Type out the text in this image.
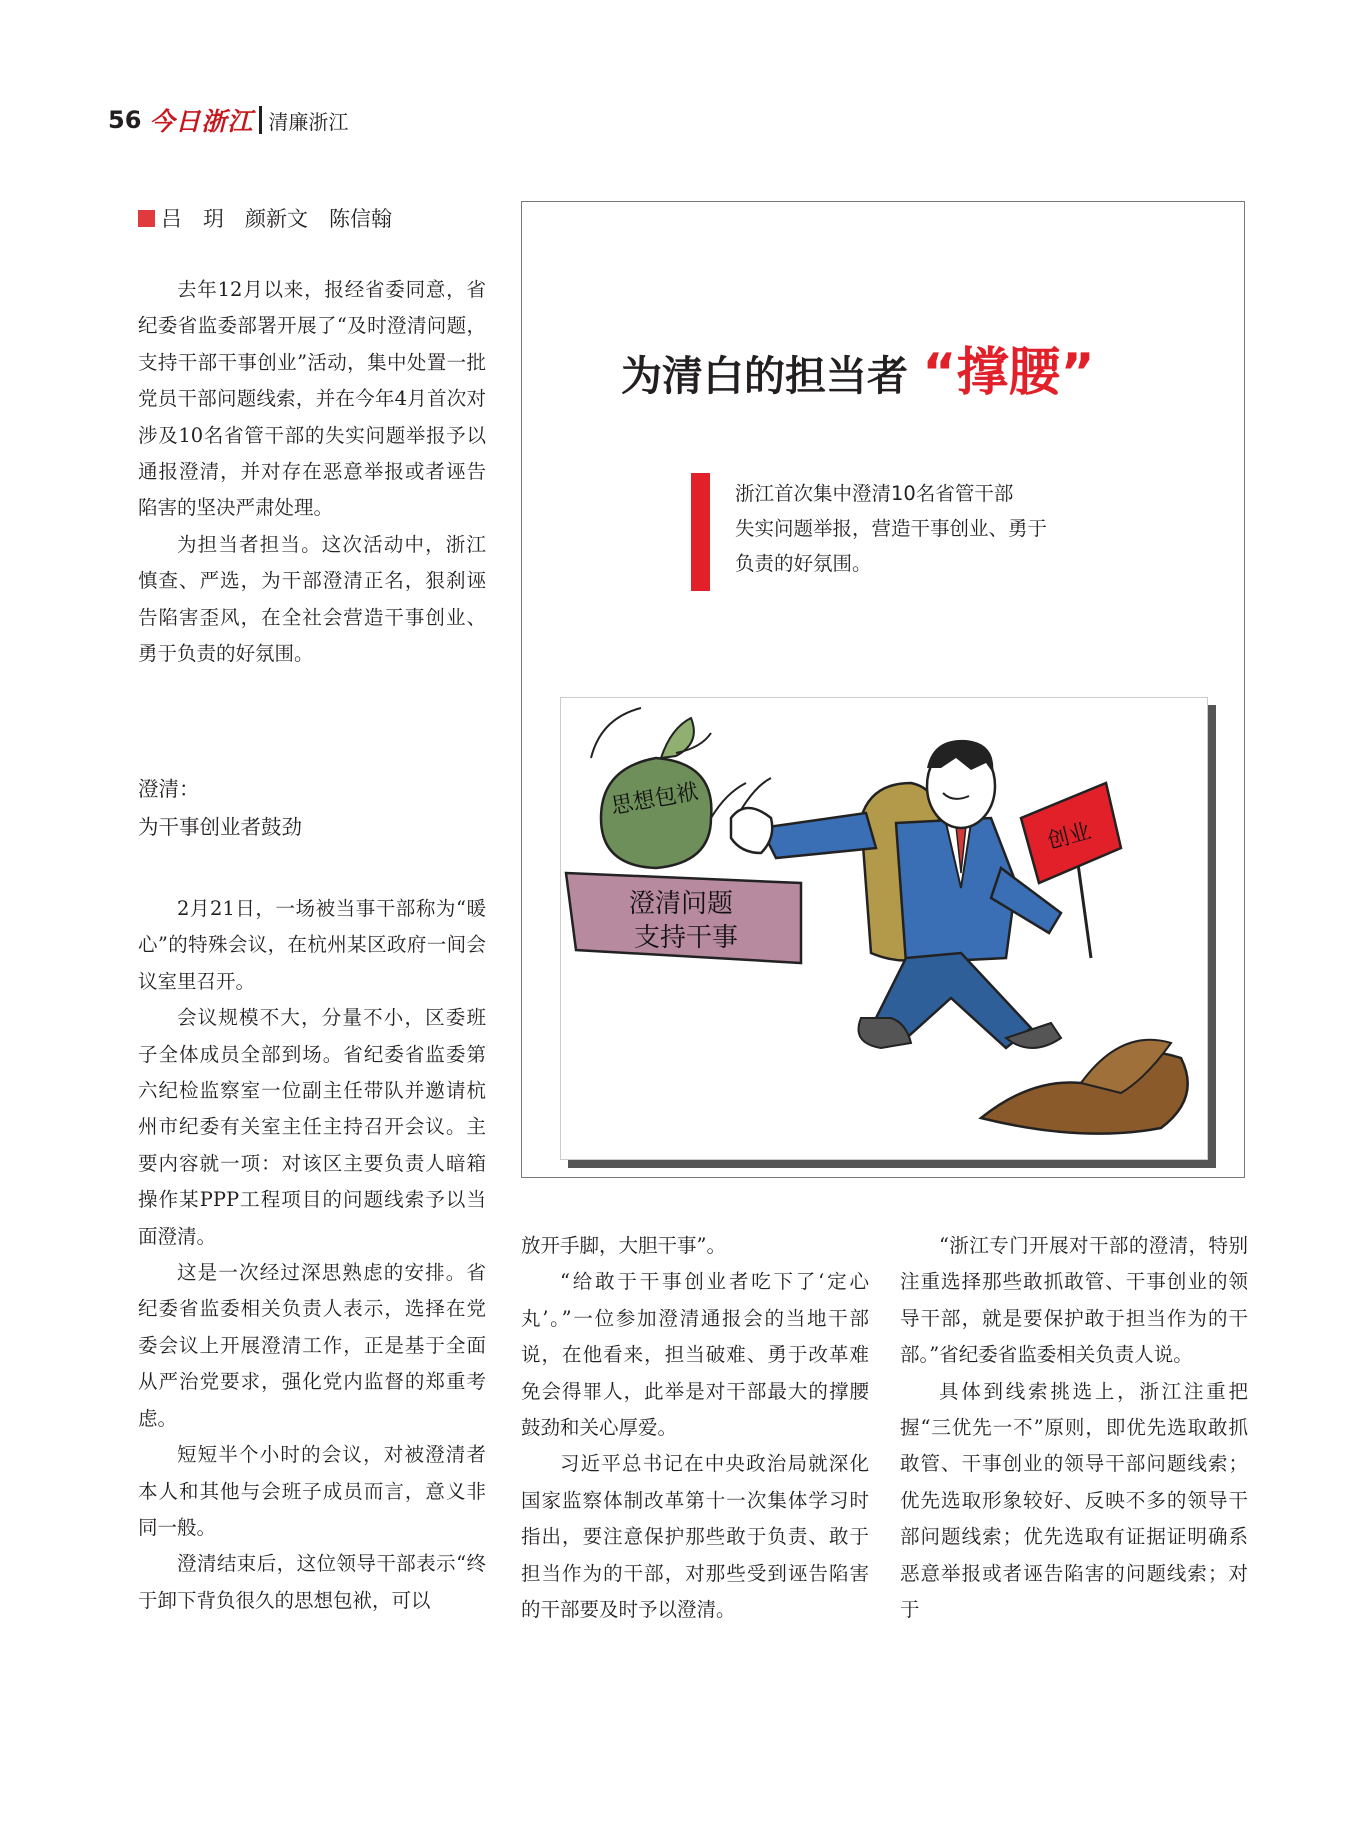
56 今日浙江 清廉浙江
吕　玥　颜新文　陈信翰

去年12月以来，报经省委同意，省纪委省监委部署开展了“及时澄清问题，支持干部干事创业”活动，集中处置一批党员干部问题线索，并在今年4月首次对涉及10名省管干部的失实问题举报予以通报澄清，并对存在恶意举报或者诬告陷害的坚决严肃处理。

为担当者担当。这次活动中，浙江慎查、严选，为干部澄清正名，狠刹诬告陷害歪风，在全社会营造干事创业、勇于负责的好氛围。

澄清：
为干事创业者鼓劲

2月21日，一场被当事干部称为“暖心”的特殊会议，在杭州某区政府一间会议室里召开。

会议规模不大，分量不小，区委班子全体成员全部到场。省纪委省监委第六纪检监察室一位副主任带队并邀请杭州市纪委有关室主任主持召开会议。主要内容就一项：对该区主要负责人暗箱操作某PPP工程项目的问题线索予以当面澄清。

这是一次经过深思熟虑的安排。省纪委省监委相关负责人表示，选择在党委会议上开展澄清工作，正是基于全面从严治党要求，强化党内监督的郑重考虑。

短短半个小时的会议，对被澄清者本人和其他与会班子成员而言，意义非同一般。

澄清结束后，这位领导干部表示“终于卸下背负很久的思想包袱，可以

为清白的担当者 “撑腰”
浙江首次集中澄清10名省管干部
失实问题举报，营造干事创业、勇于
负责的好氛围。
思想包袱
澄清问题
支持干事
创业

放开手脚，大胆干事”。

“给敢于干事创业者吃下了‘定心丸’。”一位参加澄清通报会的当地干部说，在他看来，担当破难、勇于改革难免会得罪人，此举是对干部最大的撑腰鼓劲和关心厚爱。

习近平总书记在中央政治局就深化国家监察体制改革第十一次集体学习时指出，要注意保护那些敢于负责、敢于担当作为的干部，对那些受到诬告陷害的干部要及时予以澄清。

“浙江专门开展对干部的澄清，特别注重选择那些敢抓敢管、干事创业的领导干部，就是要保护敢于担当作为的干部。”省纪委省监委相关负责人说。

具体到线索挑选上，浙江注重把握“三优先一不”原则，即优先选取敢抓敢管、干事创业的领导干部问题线索；优先选取形象较好、反映不多的领导干部问题线索；优先选取有证据证明确系恶意举报或者诬告陷害的问题线索；对于
